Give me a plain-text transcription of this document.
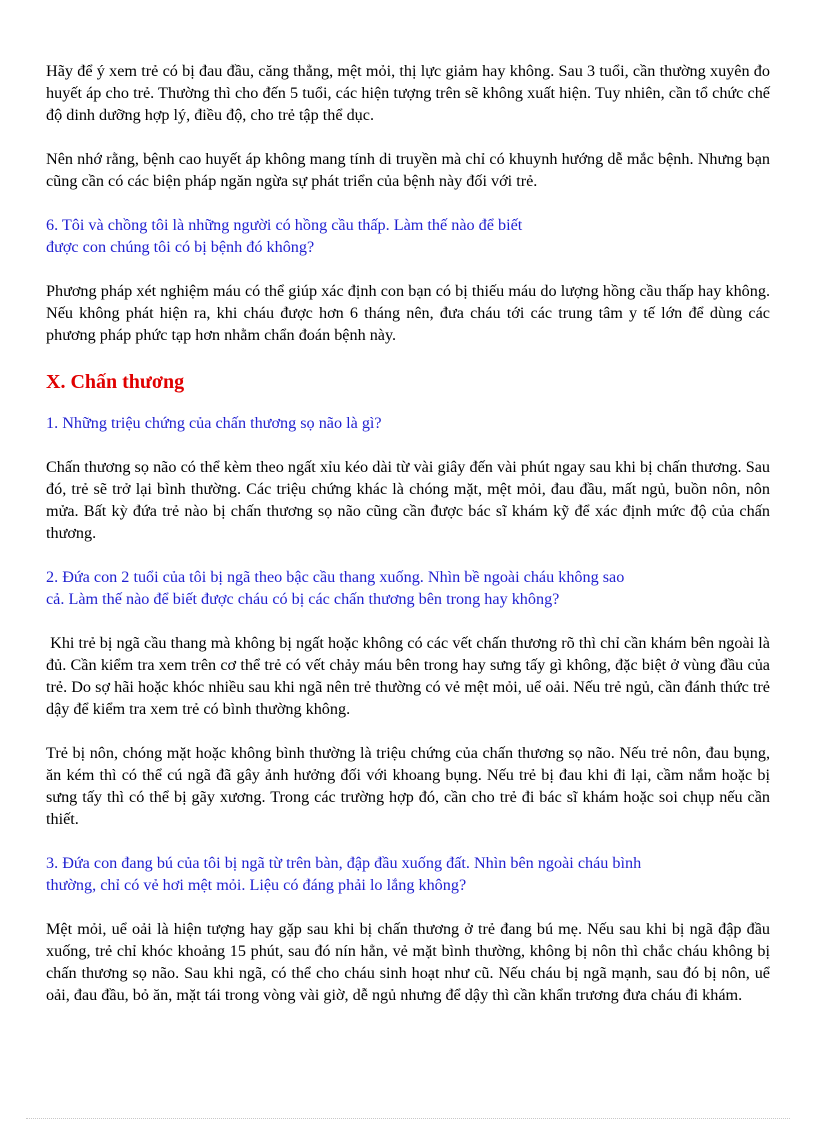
Hãy để ý xem trẻ có bị đau đầu, căng thẳng, mệt mỏi, thị lực giảm hay không. Sau 3 tuổi, cần thường xuyên đo huyết áp cho trẻ. Thường thì cho đến 5 tuổi, các hiện tượng trên sẽ không xuất hiện. Tuy nhiên, cần tổ chức chế độ dinh dưỡng hợp lý, điều độ, cho trẻ tập thể dục.

Nên nhớ rằng, bệnh cao huyết áp không mang tính di truyền mà chỉ có khuynh hướng dễ mắc bệnh. Nhưng bạn cũng cần có các biện pháp ngăn ngừa sự phát triển của bệnh này đối với trẻ.

6. Tôi và chồng tôi là những người có hồng cầu thấp. Làm thế nào để biết
được con chúng tôi có bị bệnh đó không?

Phương pháp xét nghiệm máu có thể giúp xác định con bạn có bị thiếu máu do lượng hồng cầu thấp hay không. Nếu không phát hiện ra, khi cháu được hơn 6 tháng nên, đưa cháu tới các trung tâm y tế lớn để dùng các phương pháp phức tạp hơn nhằm chẩn đoán bệnh này.

X. Chấn thương

1. Những triệu chứng của chấn thương sọ não là gì?

Chấn thương sọ não có thể kèm theo ngất xỉu kéo dài từ vài giây đến vài phút ngay sau khi bị chấn thương. Sau đó, trẻ sẽ trở lại bình thường. Các triệu chứng khác là chóng mặt, mệt mỏi, đau đầu, mất ngủ, buồn nôn, nôn mửa. Bất kỳ đứa trẻ nào bị chấn thương sọ não cũng cần được bác sĩ khám kỹ để xác định mức độ của chấn thương.

2. Đứa con 2 tuổi của tôi bị ngã theo bậc cầu thang xuống. Nhìn bề ngoài cháu không sao
cả. Làm thế nào để biết được cháu có bị các chấn thương bên trong hay không?

Khi trẻ bị ngã cầu thang mà không bị ngất hoặc không có các vết chấn thương rõ thì chỉ cần khám bên ngoài là đủ. Cần kiểm tra xem trên cơ thể trẻ có vết chảy máu bên trong hay sưng tấy gì không, đặc biệt ở vùng đầu của trẻ. Do sợ hãi hoặc khóc nhiều sau khi ngã nên trẻ thường có vẻ mệt mỏi, uể oải. Nếu trẻ ngủ, cần đánh thức trẻ dậy để kiểm tra xem trẻ có bình thường không.

Trẻ bị nôn, chóng mặt hoặc không bình thường là triệu chứng của chấn thương sọ não. Nếu trẻ nôn, đau bụng, ăn kém thì có thể cú ngã đã gây ảnh hưởng đối với khoang bụng. Nếu trẻ bị đau khi đi lại, cầm nắm hoặc bị sưng tấy thì có thể bị gãy xương. Trong các trường hợp đó, cần cho trẻ đi bác sĩ khám hoặc soi chụp nếu cần thiết.

3. Đứa con đang bú của tôi bị ngã từ trên bàn, đập đầu xuống đất. Nhìn bên ngoài cháu bình
thường, chỉ có vẻ hơi mệt mỏi. Liệu có đáng phải lo lắng không?

Mệt mỏi, uể oải là hiện tượng hay gặp sau khi bị chấn thương ở trẻ đang bú mẹ. Nếu sau khi bị ngã đập đầu xuống, trẻ chỉ khóc khoảng 15 phút, sau đó nín hẳn, vẻ mặt bình thường, không bị nôn thì chắc cháu không bị chấn thương sọ não. Sau khi ngã, có thể cho cháu sinh hoạt như cũ. Nếu cháu bị ngã mạnh, sau đó bị nôn, uể oải, đau đầu, bỏ ăn, mặt tái trong vòng vài giờ, dễ ngủ nhưng để dậy thì cần khẩn trương đưa cháu đi khám.
